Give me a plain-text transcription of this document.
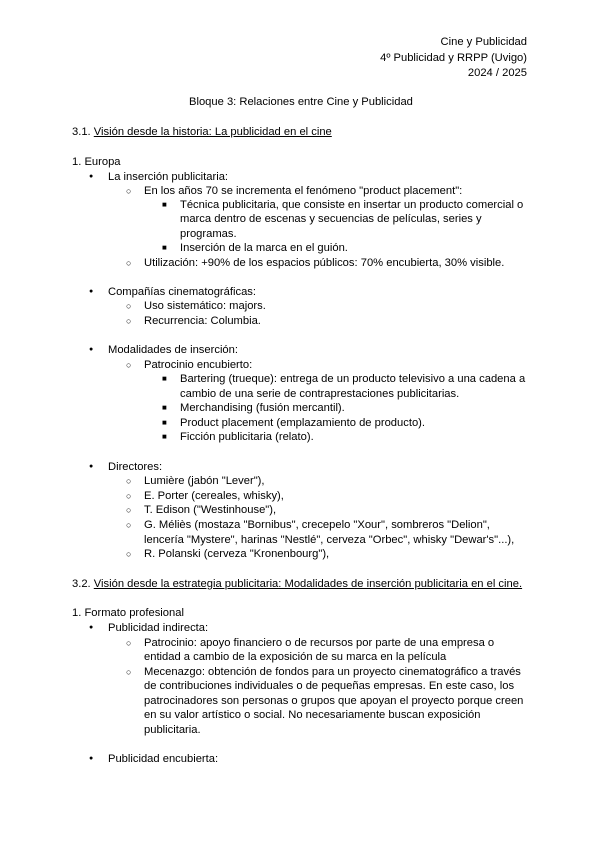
Cine y Publicidad
4º Publicidad y RRPP (Uvigo)
2024 / 2025
Bloque 3: Relaciones entre Cine y Publicidad
3.1. Visión desde la historia: La publicidad en el cine
1. Europa
● La inserción publicitaria:
○ En los años 70 se incrementa el fenómeno "product placement":
■ Técnica publicitaria, que consiste en insertar un producto comercial o
marca dentro de escenas y secuencias de películas, series y
programas.
■ Inserción de la marca en el guión.
○ Utilización: +90% de los espacios públicos: 70% encubierta, 30% visible.
● Compañías cinematográficas:
○ Uso sistemático: majors.
○ Recurrencia: Columbia.
● Modalidades de inserción:
○ Patrocinio encubierto:
■ Bartering (trueque): entrega de un producto televisivo a una cadena a
cambio de una serie de contraprestaciones publicitarias.
■ Merchandising (fusión mercantil).
■ Product placement (emplazamiento de producto).
■ Ficción publicitaria (relato).
● Directores:
○ Lumière (jabón "Lever"),
○ E. Porter (cereales, whisky),
○ T. Edison ("Westinhouse"),
○ G. Méliès (mostaza "Bornibus", crecepelo "Xour", sombreros "Delion",
lencería "Mystere", harinas "Nestlé", cerveza "Orbec", whisky "Dewar's"...),
○ R. Polanski (cerveza "Kronenbourg"),
3.2. Visión desde la estrategia publicitaria: Modalidades de inserción publicitaria en el cine.
1. Formato profesional
● Publicidad indirecta:
○ Patrocinio: apoyo financiero o de recursos por parte de una empresa o
entidad a cambio de la exposición de su marca en la película
○ Mecenazgo: obtención de fondos para un proyecto cinematográfico a través
de contribuciones individuales o de pequeñas empresas. En este caso, los
patrocinadores son personas o grupos que apoyan el proyecto porque creen
en su valor artístico o social. No necesariamente buscan exposición
publicitaria.
● Publicidad encubierta:
